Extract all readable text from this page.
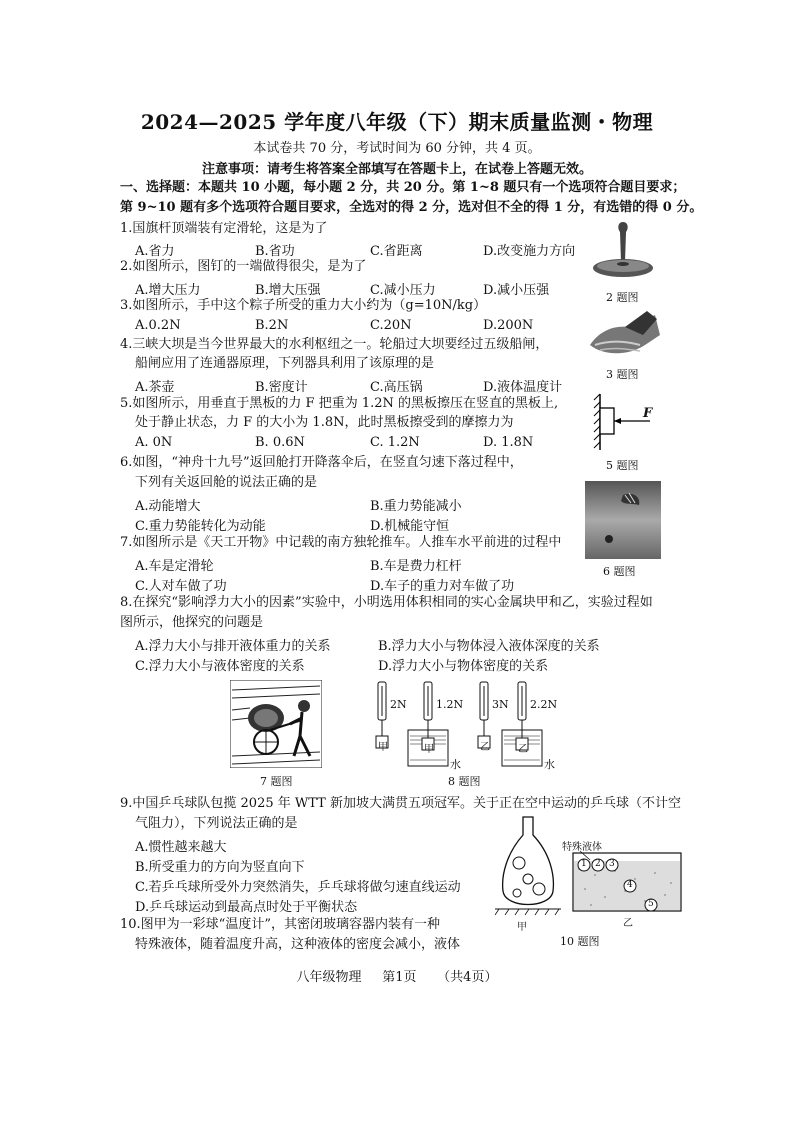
2024—2025 学年度八年级（下）期末质量监测・物理
本试卷共 70 分，考试时间为 60 分钟，共 4 页。
注意事项：请考生将答案全部填写在答题卡上，在试卷上答题无效。
一、选择题：本题共 10 小题，每小题 2 分，共 20 分。第 1~8 题只有一个选项符合题目要求；
第 9~10 题有多个选项符合题目要求，全选对的得 2 分，选对但不全的得 1 分，有选错的得 0 分。
1.国旗杆顶端装有定滑轮，这是为了
A.省力	B.省功	C.省距离	D.改变施力方向
2.如图所示，图钉的一端做得很尖，是为了
A.增大压力	B.增大压强	C.减小压力	D.减小压强	2 题图
3.如图所示，手中这个粽子所受的重力大小约为（g=10N/kg）
A.0.2N	B.2N	C.20N	D.200N
3 题图
4.三峡大坝是当今世界最大的水利枢纽之一。轮船过大坝要经过五级船闸，
船闸应用了连通器原理，下列器具利用了该原理的是
A.茶壶	B.密度计	C.高压锅	D.液体温度计
5.如图所示，用垂直于黑板的力 F 把重为 1.2N 的黑板擦压在竖直的黑板上,
处于静止状态，力 F 的大小为 1.8N，此时黑板擦受到的摩擦力为
A. 0N	B. 0.6N	C. 1.2N	D. 1.8N
F
5 题图
6.如图，“神舟十九号”返回舱打开降落伞后，在竖直匀速下落过程中，
下列有关返回舱的说法正确的是
A.动能增大	B.重力势能减小
C.重力势能转化为动能	D.机械能守恒
6 题图
7.如图所示是《天工开物》中记载的南方独轮推车。人推车水平前进的过程中
A.车是定滑轮	B.车是费力杠杆
C.人对车做了功	D.车子的重力对车做了功
8.在探究“影响浮力大小的因素”实验中，小明选用体积相同的实心金属块甲和乙，实验过程如
图所示，他探究的问题是
A.浮力大小与排开液体重力的关系	B.浮力大小与物体浸入液体深度的关系
C.浮力大小与液体密度的关系	D.浮力大小与物体密度的关系
7 题图
2N	1.2N	3N 2.2N
甲	甲	乙	乙
水	水
8 题图
9.中国乒乓球队包揽 2025 年 WTT 新加坡大满贯五项冠军。关于正在空中运动的乒乓球（不计空
气阻力），下列说法正确的是
A.惯性越来越大
B.所受重力的方向为竖直向下
C.若乒乓球所受外力突然消失，乒乓球将做匀速直线运动
D.乒乓球运动到最高点时处于平衡状态
10.图甲为一彩球“温度计”，其密闭玻璃容器内装有一种
特殊液体，随着温度升高，这种液体的密度会减小，液体
特殊液体
1 2 3
4
5
甲	乙
10 题图
八年级物理 第1页 （共4页）
